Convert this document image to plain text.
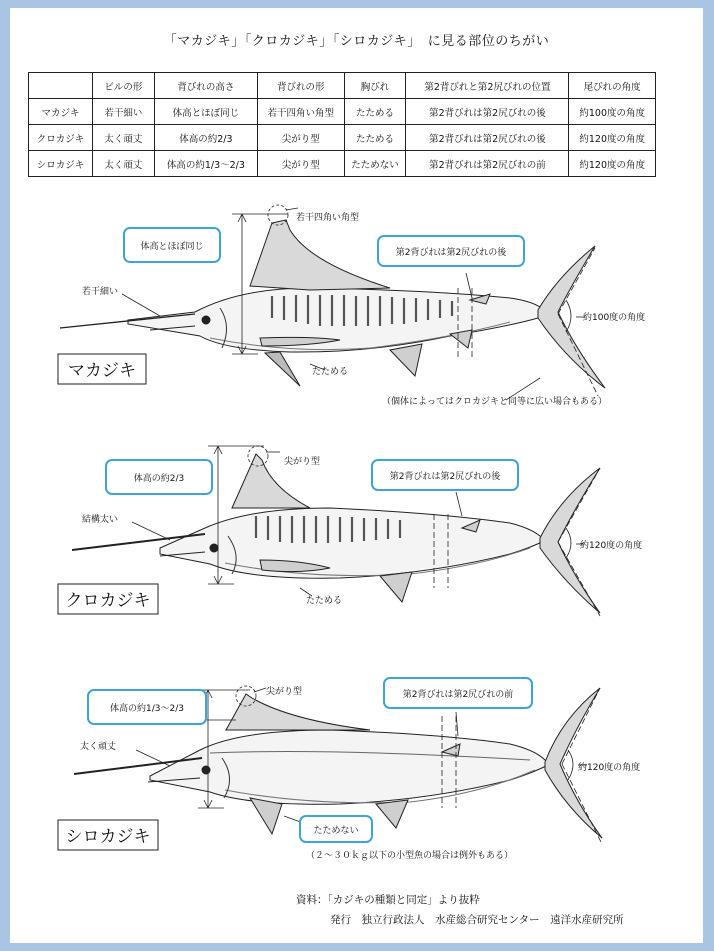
「マカジキ」「クロカジキ」「シロカジキ」　に見る部位のちがい
	ビルの形	背びれの高さ	背びれの形	胸びれ	第2背びれと第2尻びれの位置	尾びれの角度
マカジキ	若干細い	体高とほぼ同じ	若干四角い角型	たためる	第2背びれは第2尻びれの後	約100度の角度
クロカジキ	太く頑丈	体高の約2/3	尖がり型	たためる	第2背びれは第2尻びれの後	約120度の角度
シロカジキ	太く頑丈	体高の約1/3～2/3	尖がり型	たためない	第2背びれは第2尻びれの前	約120度の角度
体高とほぼ同じ
若干四角い角型
第2背びれは第2尻びれの後
若干細い
約100度の角度
たためる
（個体によってはクロカジキと同等に広い場合もある）
マカジキ
体高の約2/3
尖がり型
第2背びれは第2尻びれの後
結構太い
約120度の角度
たためる
クロカジキ
体高の約1/3～2/3
尖がり型	第2背びれは第2尻びれの前
太く頑丈
約120度の角度
たためない
（２～３０ｋｇ以下の小型魚の場合は例外もある）
シロカジキ
資料：「カジキの種類と同定」より抜粋
発行　独立行政法人　水産総合研究センター　遠洋水産研究所
